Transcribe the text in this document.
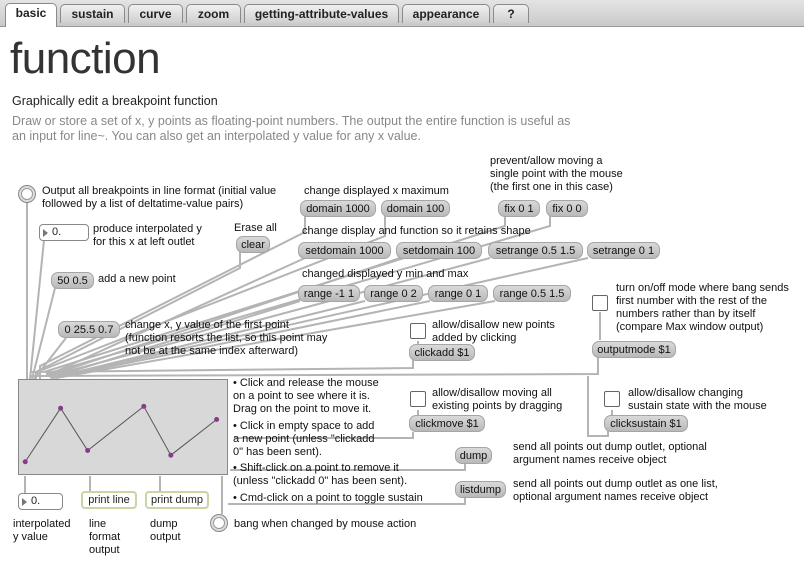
basic	sustain	curve	zoom	getting-attribute-values	appearance	?
function
Graphically edit a breakpoint function
Draw or store a set of x, y points as floating-point numbers. The output the entire function is useful as an input for line~. You can also get an interpolated y value for any x value.
Output all breakpoints in line format (initial value
followed by a list of deltatime-value pairs)
change displayed x maximum
domain 1000	domain 100
prevent/allow moving a
single point with the mouse
(the first one in this case)
fix 0 1	fix 0 0
0.	produce interpolated y
for this x at left outlet
Erase all
clear
change display and function so it retains shape
setdomain 1000	setdomain 100	setrange 0.5 1.5	setrange 0 1
50 0.5 add a new point	changed displayed y min and max
range -1 1	range 0 2	range 0 1	range 0.5 1.5
0 25.5 0.7	change x, y value of the first point
(function resorts the list, so this point may
not be at the same index afterward)
allow/disallow new points
added by clicking
clickadd $1
turn on/off mode where bang sends
first number with the rest of the
numbers rather than by itself
(compare Max window output)
outputmode $1
• Click and release the mouse
on a point to see where it is.
Drag on the point to move it.
• Click in empty space to add
a new point (unless "clickadd
0" has been sent).
• Shift-click on a point to remove it
(unless "clickadd 0" has been sent).
• Cmd-click on a point to toggle sustain
allow/disallow moving all
existing points by dragging
clickmove $1
allow/disallow changing
sustain state with the mouse
clicksustain $1
dump
send all points out dump outlet, optional
argument names receive object
listdump	send all points out dump outlet as one list,
optional argument names receive object
0.	print line	print dump
bang when changed by mouse action
interpolated
y value
line
format
output
dump
output
